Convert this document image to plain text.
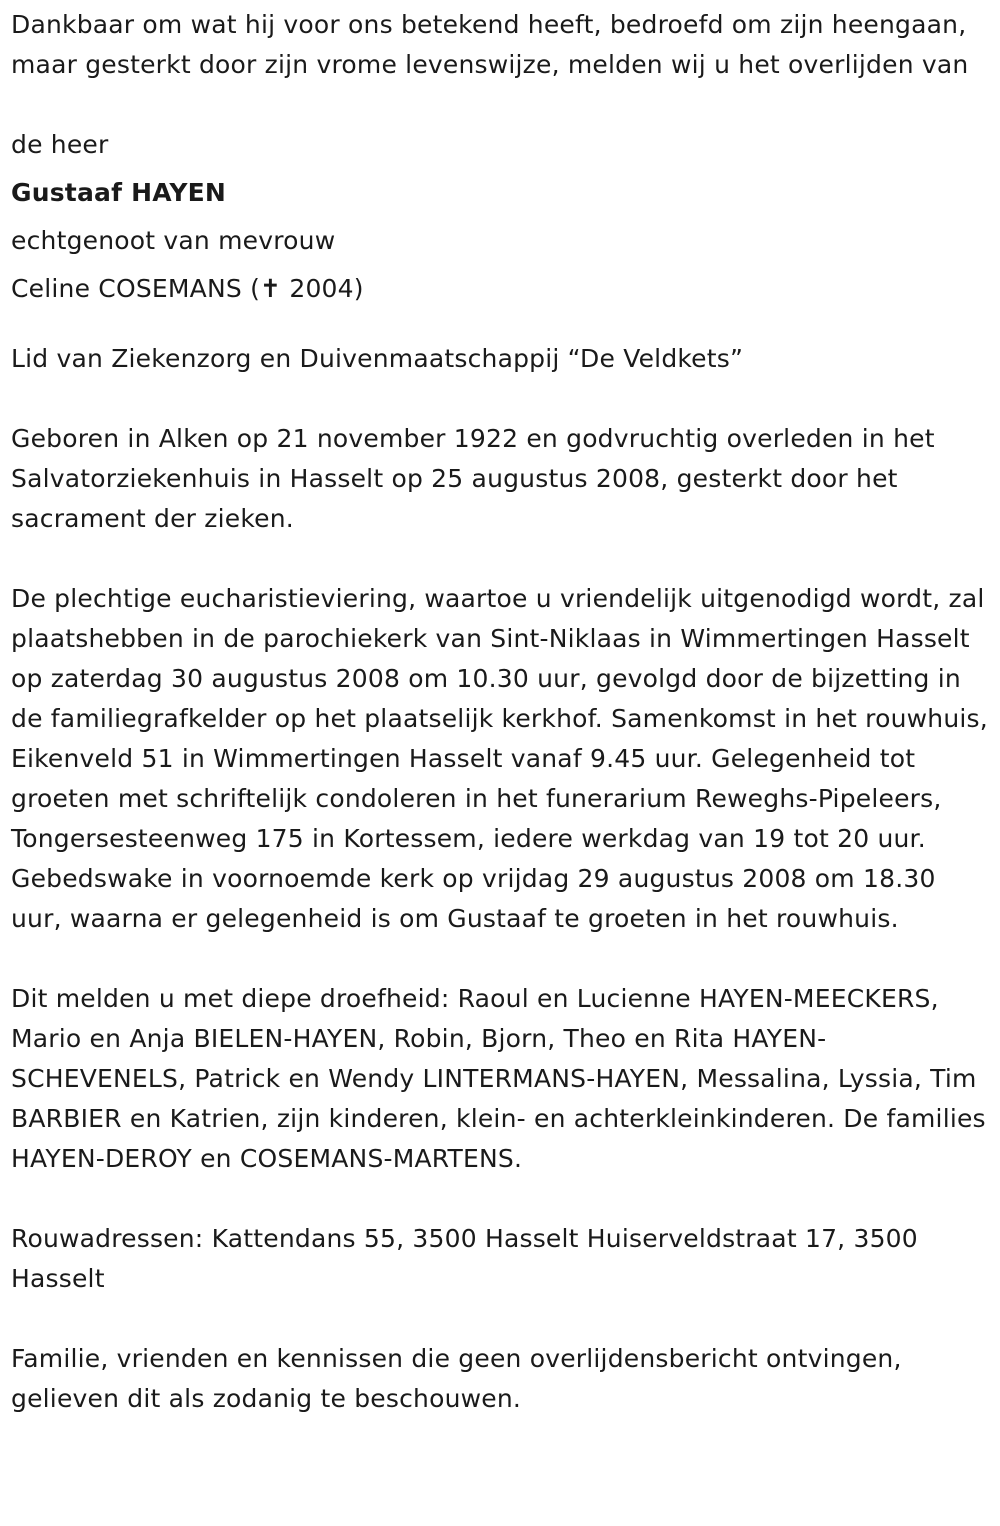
Dankbaar om wat hij voor ons betekend heeft, bedroefd om zijn heengaan, maar gesterkt door zijn vrome levenswijze, melden wij u het overlijden van

de heer

Gustaaf HAYEN

echtgenoot van mevrouw

Celine COSEMANS (✝ 2004)

Lid van Ziekenzorg en Duivenmaatschappij “De Veldkets”

Geboren in Alken op 21 november 1922 en godvruchtig overleden in het Salvatorziekenhuis in Hasselt op 25 augustus 2008, gesterkt door het sacrament der zieken.

De plechtige eucharistieviering, waartoe u vriendelijk uitgenodigd wordt, zal plaatshebben in de parochiekerk van Sint-Niklaas in Wimmertingen Hasselt op zaterdag 30 augustus 2008 om 10.30 uur, gevolgd door de bijzetting in de familiegrafkelder op het plaatselijk kerkhof. Samenkomst in het rouwhuis, Eikenveld 51 in Wimmertingen Hasselt vanaf 9.45 uur. Gelegenheid tot groeten met schriftelijk condoleren in het funerarium Reweghs-Pipeleers, Tongersesteenweg 175 in Kortessem, iedere werkdag van 19 tot 20 uur. Gebedswake in voornoemde kerk op vrijdag 29 augustus 2008 om 18.30 uur, waarna er gelegenheid is om Gustaaf te groeten in het rouwhuis.

Dit melden u met diepe droefheid: Raoul en Lucienne HAYEN-MEECKERS, Mario en Anja BIELEN-HAYEN, Robin, Bjorn, Theo en Rita HAYEN-SCHEVENELS, Patrick en Wendy LINTERMANS-HAYEN, Messalina, Lyssia, Tim BARBIER en Katrien, zijn kinderen, klein- en achterkleinkinderen. De families HAYEN-DEROY en COSEMANS-MARTENS.

Rouwadressen: Kattendans 55, 3500 Hasselt Huiserveldstraat 17, 3500 Hasselt

Familie, vrienden en kennissen die geen overlijdensbericht ontvingen, gelieven dit als zodanig te beschouwen.
